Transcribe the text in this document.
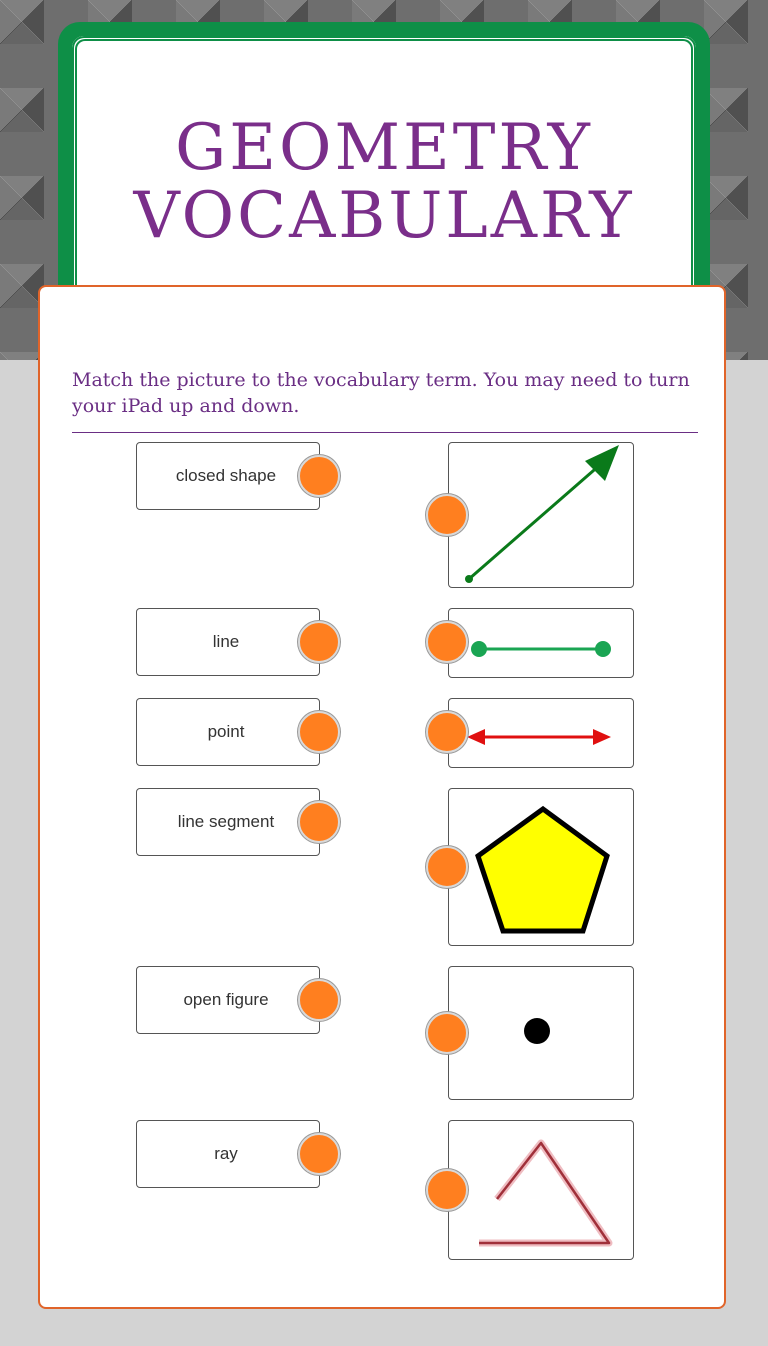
GEOMETRY
VOCABULARY
Match the picture to the vocabulary term. You may need to turn your iPad up and down.
closed shape
line
point
line segment
open figure
ray
